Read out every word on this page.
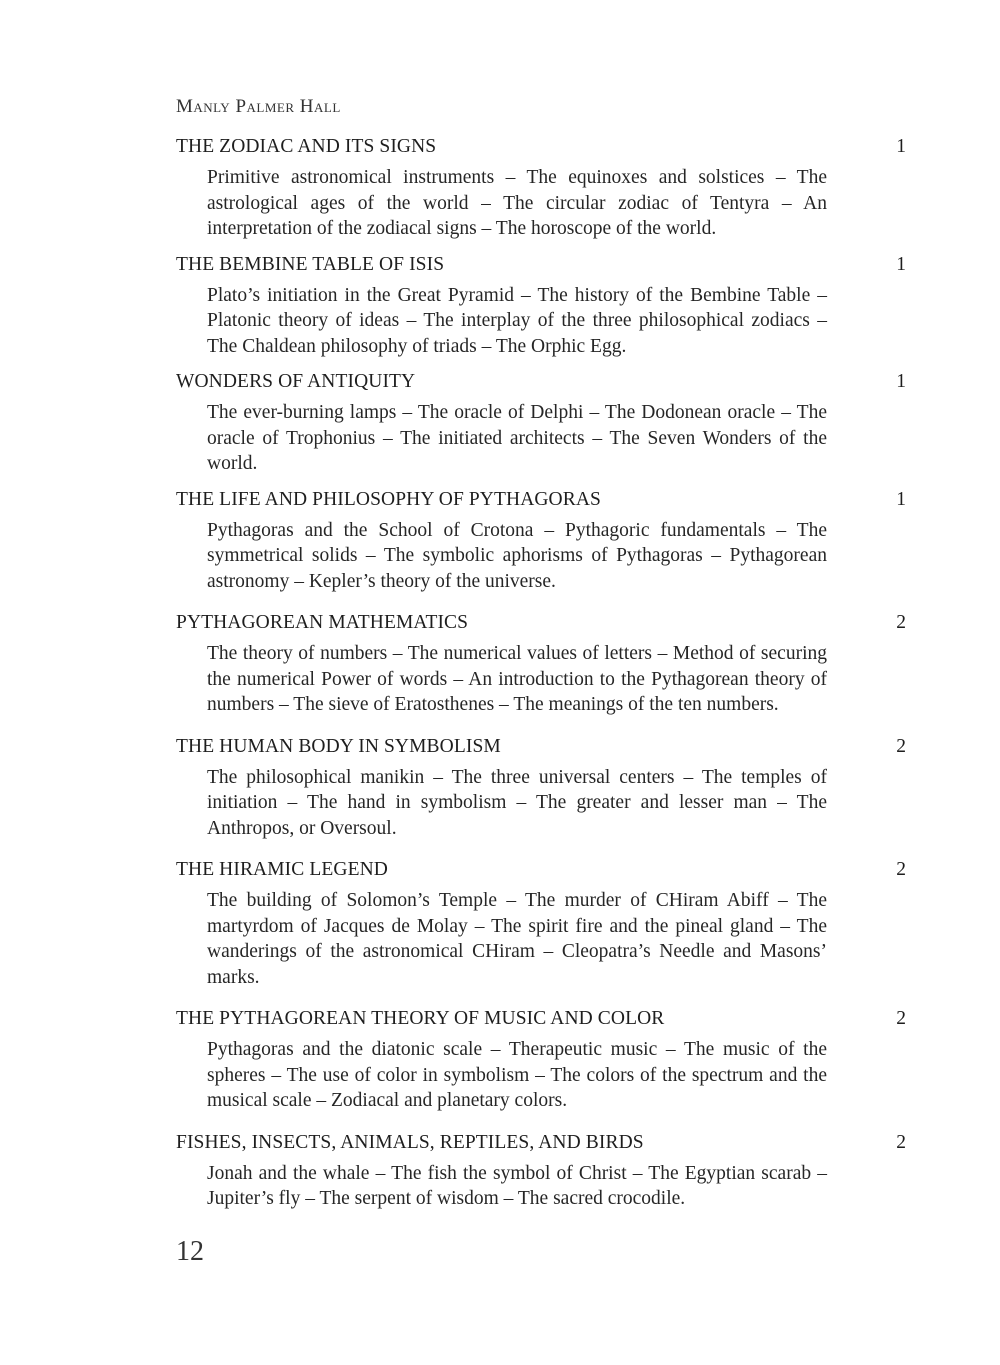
Manly Palmer Hall
THE ZODIAC AND ITS SIGNS	1
Primitive astronomical instruments – The equinoxes and solstices – The astrological ages of the world – The circular zodiac of Tentyra – An interpretation of the zodiacal signs – The horoscope of the world.
THE BEMBINE TABLE OF ISIS	1
Plato’s initiation in the Great Pyramid – The history of the Bembine Table – Platonic theory of ideas – The interplay of the three philosophical zodiacs – The Chaldean philosophy of triads – The Orphic Egg.
WONDERS OF ANTIQUITY	1
The ever-burning lamps – The oracle of Delphi – The Dodonean oracle – The oracle of Trophonius – The initiated architects – The Seven Wonders of the world.
THE LIFE AND PHILOSOPHY OF PYTHAGORAS	1
Pythagoras and the School of Crotona – Pythagoric fundamentals – The symmetrical solids – The symbolic aphorisms of Pythagoras – Pythagorean astronomy – Kepler’s theory of the universe.
PYTHAGOREAN MATHEMATICS	2
The theory of numbers – The numerical values of letters – Method of securing the numerical Power of words – An introduction to the Pythagorean theory of numbers – The sieve of Eratosthenes – The meanings of the ten numbers.
THE HUMAN BODY IN SYMBOLISM	2
The philosophical manikin – The three universal centers – The temples of initiation – The hand in symbolism – The greater and lesser man – The Anthropos, or Oversoul.
THE HIRAMIC LEGEND	2
The building of Solomon’s Temple – The murder of CHiram Abiff – The martyrdom of Jacques de Molay – The spirit fire and the pineal gland – The wanderings of the astronomical CHiram – Cleopatra’s Needle and Masons’ marks.
THE PYTHAGOREAN THEORY OF MUSIC AND COLOR	2
Pythagoras and the diatonic scale – Therapeutic music – The music of the spheres – The use of color in symbolism – The colors of the spectrum and the musical scale – Zodiacal and planetary colors.
FISHES, INSECTS, ANIMALS, REPTILES, AND BIRDS	2
Jonah and the whale – The fish the symbol of Christ – The Egyptian scarab – Jupiter’s fly – The serpent of wisdom – The sacred crocodile.
12
